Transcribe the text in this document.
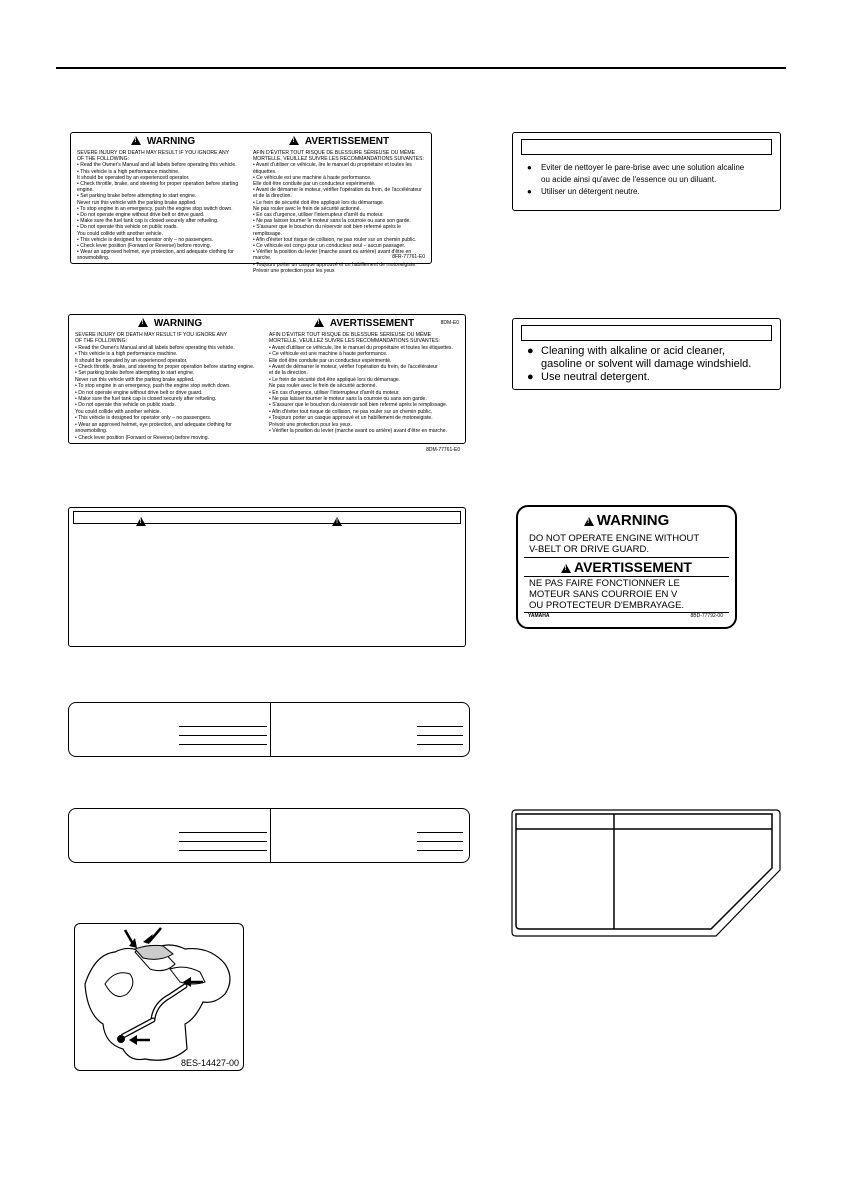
!WARNING !	AVERTISSEMENT
SEVERE INJURY OR DEATH MAY RESULT IF YOU IGNORE ANY
OF THE FOLLOWING:
• Read the Owner's Manual and all labels before operating this vehicle.
• This vehicle is a high performance machine.
It should be operated by an experienced operator.
• Check throttle, brake, and steering for proper operation before starting engine.
• Set parking brake before attempting to start engine.
Never run this vehicle with the parking brake applied.
• To stop engine in an emergency, push the engine stop switch down.
• Do not operate engine without drive belt or drive guard.
• Make sure the fuel tank cap is closed securely after refueling.
• Do not operate this vehicle on public roads.
You could collide with another vehicle.
• This vehicle is designed for operator only – no passengers.
• Check lever position (Forward or Reverse) before moving.
• Wear an approved helmet, eye protection, and adequate clothing for
snowmobiling.
AFIN D'ÉVITER TOUT RISQUE DE BLESSURE SÉRIEUSE OU MÊME
MORTELLE, VEUILLEZ SUIVRE LES RECOMMANDATIONS SUIVANTES:
• Avant d'utiliser ce véhicule, lire le manuel du propriétaire et toutes les étiquettes.
• Ce véhicule est une machine à haute performance.
Elle doit être conduite par un conducteur expérimenté.
• Avant de démarrer le moteur, vérifier l'opération du frein, de l'accélérateur
et de la direction.
• Le frein de sécurité doit être appliqué lors du démarrage.
Ne pas rouler avec le frein de sécurité actionné.
• En cas d'urgence, utiliser l'interrupteur d'arrêt du moteur.
• Ne pas laisser tourner le moteur sans la courroie ou sans son garde.
• S'assurer que le bouchon du réservoir soit bien refermé après le remplissage.
• Afin d'éviter tout risque de collision, ne pas rouler sur un chemin public.
• Ce véhicule est conçu pour un conducteur seul – aucun passager.
• Vérifier la position du levier (marche avant ou arrière) avant d'être en marche.
• Toujours porter un casque approuvé et un habillement de motoneigiste.
Prévoir une protection pour les yeux
8FR-77761-E0
!WARNING !	AVERTISSEMENT	8DM-E0
SEVERE INJURY OR DEATH MAY RESULT IF YOU IGNORE ANY
OF THE FOLLOWING:
• Read the Owner's Manual and all labels before operating this vehicle.
• This vehicle is a high performance machine.
It should be operated by an experienced operator.
• Check throttle, brake, and steering for proper operation before starting engine.
• Set parking brake before attempting to start engine.
Never run this vehicle with the parking brake applied.
• To stop engine in an emergency, push the engine stop switch down.
• Do not operate engine without drive belt or drive guard.
• Make sure the fuel tank cap is closed securely after refueling.
• Do not operate this vehicle on public roads.
You could collide with another vehicle.
• This vehicle is designed for operator only – no passengers.
• Wear an approved helmet, eye protection, and adequate clothing for
snowmobiling.
• Check lever position (Forward or Reverse) before moving.
AFIN D'ÉVITER TOUT RISQUE DE BLESSURE SÉRIEUSE OU MÊME
MORTELLE, VEUILLEZ SUIVRE LES RECOMMANDATIONS SUIVANTES:
• Avant d'utiliser ce véhicule, lire le manuel du propriétaire et toutes les étiquettes.
• Ce véhicule est une machine à haute performance.
Elle doit être conduite par un conducteur expérimenté.
• Avant de démarrer le moteur, vérifier l'opération du frein, de l'accélérateur
et de la direction.
• Le frein de sécurité doit être appliqué lors du démarrage.
Ne pas rouler avec le frein de sécurité actionné.
• En cas d'urgence, utiliser l'interrupteur d'arrêt du moteur.
• Ne pas laisser tourner le moteur sans la courroie ou sans son garde.
• S'assurer que le bouchon du réservoir soit bien refermé après le remplissage.
• Afin d'éviter tout risque de collision, ne pas rouler sur un chemin public.
• Toujours porter un casque approuvé et un habillement de motoneigiste.
Prévoir une protection pour les yeux.
• Vérifier la position du levier (marche avant ou arrière) avant d'être en marche.
8DM-77761-E0
●	Eviter de nettoyer le pare-brise avec une solution alcaline
ou acide ainsi qu'avec de l'essence ou un diluant.
●	Utiliser un détergent neutre.
● Cleaning with alkaline or acid cleaner,
gasoline or solvent will damage windshield.
● Use neutral detergent.
! !
!WARNING
DO NOT OPERATE ENGINE WITHOUT
V-BELT OR DRIVE GUARD.
!AVERTISSEMENT
NE PAS FAIRE FONCTIONNER LE
MOTEUR SANS COURROIE EN V
OU PROTECTEUR D'EMBRAYAGE.
YAMAHA	8BD-77792-00
8ES-14427-00
